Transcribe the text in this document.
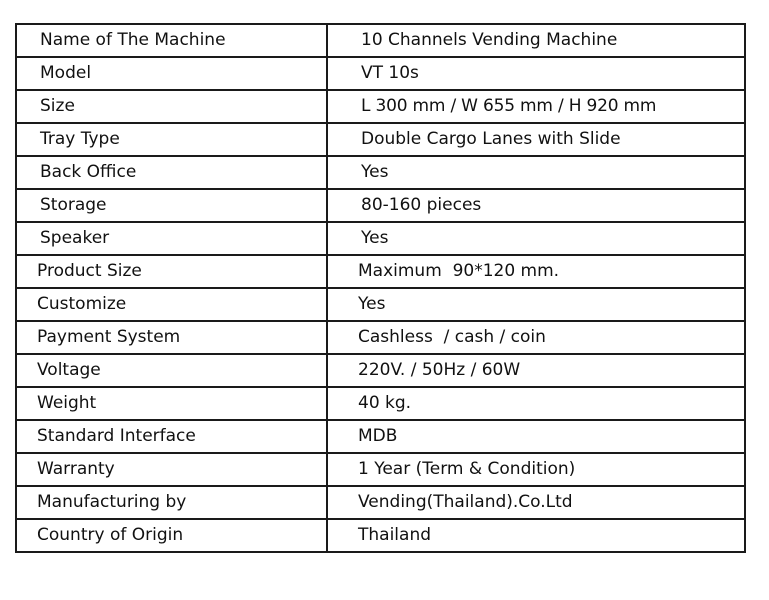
Name of The Machine	10 Channels Vending Machine
Model	VT 10s
Size	L 300 mm / W 655 mm / H 920 mm
Tray Type	Double Cargo Lanes with Slide
Back Office	Yes
Storage	80-160 pieces
Speaker	Yes
Product Size	Maximum  90*120 mm.
Customize	Yes
Payment System	Cashless  / cash / coin
Voltage	220V. / 50Hz / 60W
Weight	40 kg.
Standard Interface	MDB
Warranty	1 Year (Term & Condition)
Manufacturing by	Vending(Thailand).Co.Ltd
Country of Origin	Thailand
